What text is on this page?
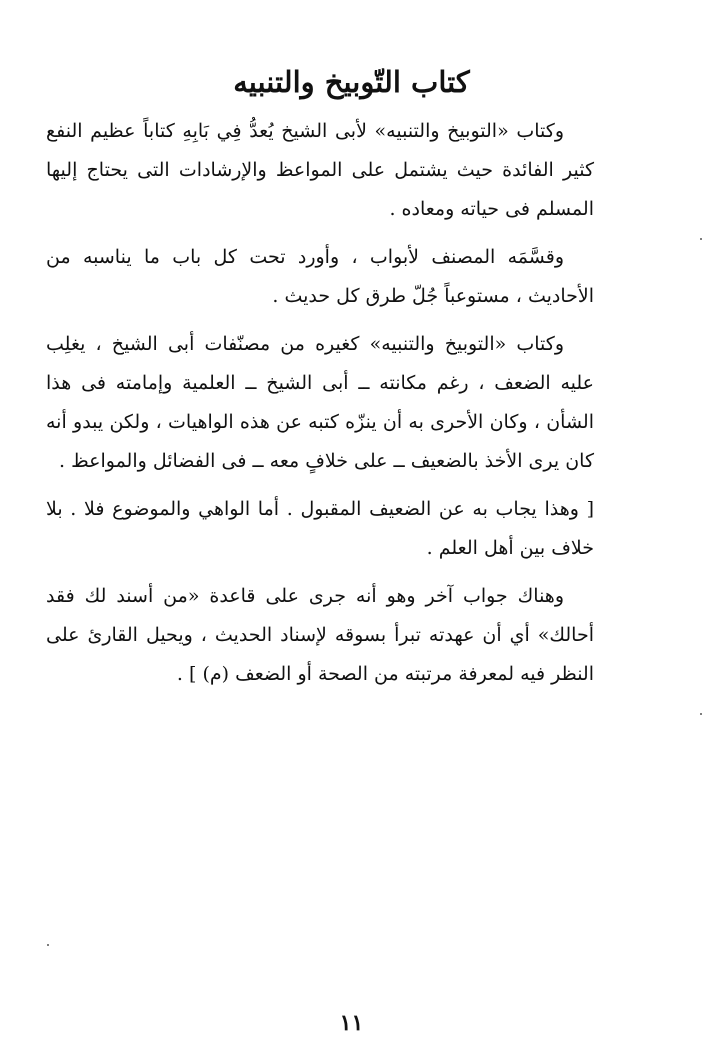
كتاب التّوبيخ والتنبيه

وكتاب «التوبيخ والتنبيه» لأبى الشيخ يُعدُّ فِي بَابِهِ كتاباً عظيم النفع كثير الفائدة حيث يشتمل على المواعظ والإرشادات التى يحتاج إليها المسلم فى حياته ومعاده .

وقسَّمَه المصنف لأبواب ، وأورد تحت كل باب ما يناسبه من الأحاديث ، مستوعباً جُلّ طرق كل حديث .

وكتاب «التوبيخ والتنبيه» كغيره من مصنّفات أبى الشيخ ، يغلِب عليه الضعف ، رغم مكانته ــ أبى الشيخ ــ العلمية وإمامته فى هذا الشأن ، وكان الأحرى به أن ينزّه كتبه عن هذه الواهيات ، ولكن يبدو أنه كان يرى الأخذ بالضعيف ــ على خلافٍ معه ــ فى الفضائل والمواعظ .

[ وهذا يجاب به عن الضعيف المقبول . أما الواهي والموضوع فلا . بلا خلاف بين أهل العلم .

وهناك جواب آخر وهو أنه جرى على قاعدة «من أسند لك فقد أحالك» أي أن عهدته تبرأ بسوقه لإسناد الحديث ، ويحيل القارئ على النظر فيه لمعرفة مرتبته من الصحة أو الضعف (م) ] .

١١
